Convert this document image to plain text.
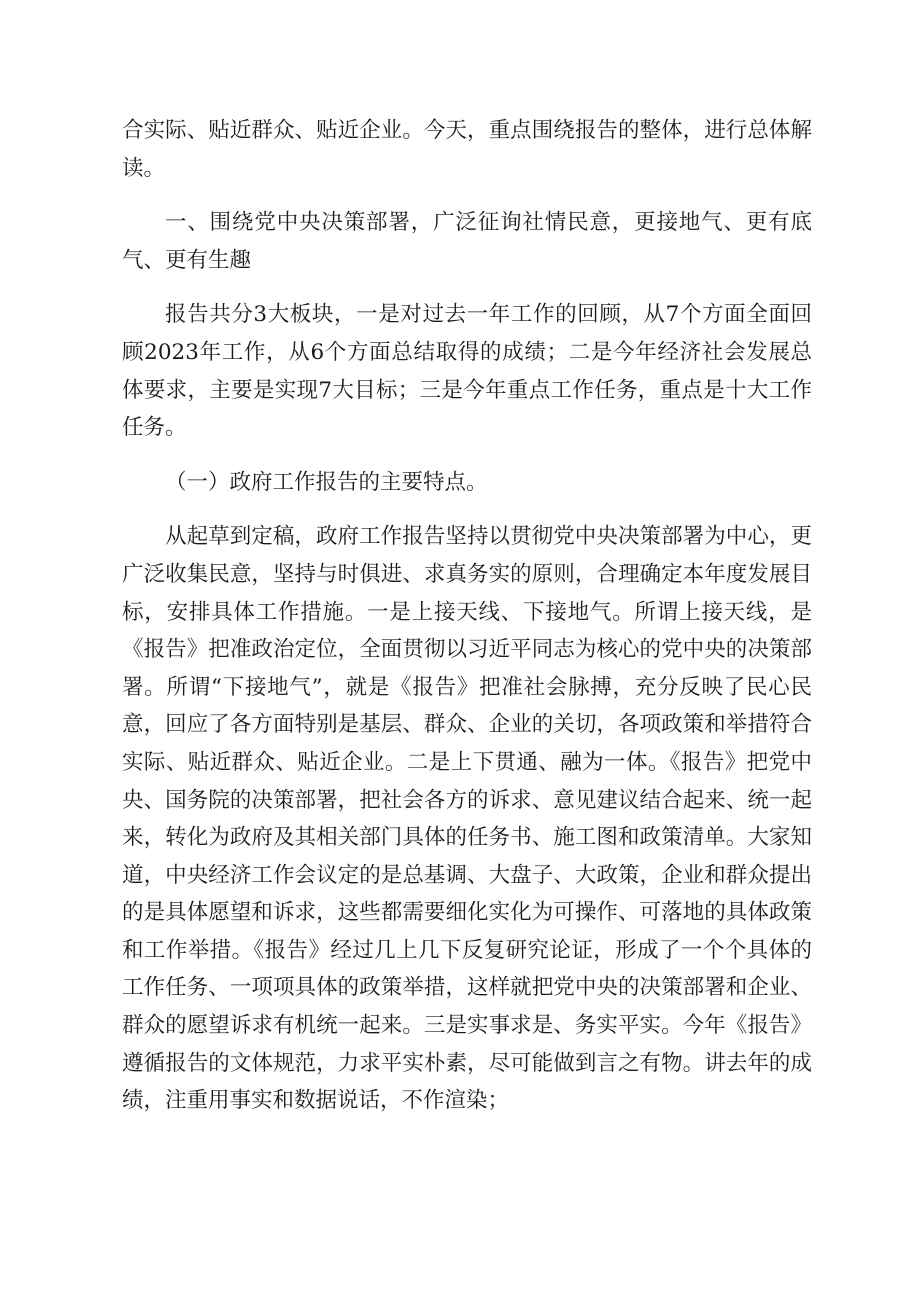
合实际、贴近群众、贴近企业。今天，重点围绕报告的整体，进行总体解读。

一、围绕党中央决策部署，广泛征询社情民意，更接地气、更有底气、更有生趣

报告共分3大板块，一是对过去一年工作的回顾，从7个方面全面回顾2023年工作，从6个方面总结取得的成绩；二是今年经济社会发展总体要求，主要是实现7大目标；三是今年重点工作任务，重点是十大工作任务。

（一）政府工作报告的主要特点。

从起草到定稿，政府工作报告坚持以贯彻党中央决策部署为中心，更广泛收集民意，坚持与时俱进、求真务实的原则，合理确定本年度发展目标，安排具体工作措施。一是上接天线、下接地气。所谓上接天线，是《报告》把准政治定位，全面贯彻以习近平同志为核心的党中央的决策部署。所谓“下接地气”，就是《报告》把准社会脉搏，充分反映了民心民意，回应了各方面特别是基层、群众、企业的关切，各项政策和举措符合实际、贴近群众、贴近企业。二是上下贯通、融为一体。《报告》把党中央、国务院的决策部署，把社会各方的诉求、意见建议结合起来、统一起来，转化为政府及其相关部门具体的任务书、施工图和政策清单。大家知道，中央经济工作会议定的是总基调、大盘子、大政策，企业和群众提出的是具体愿望和诉求，这些都需要细化实化为可操作、可落地的具体政策和工作举措。《报告》经过几上几下反复研究论证，形成了一个个具体的工作任务、一项项具体的政策举措，这样就把党中央的决策部署和企业、群众的愿望诉求有机统一起来。三是实事求是、务实平实。今年《报告》遵循报告的文体规范，力求平实朴素，尽可能做到言之有物。讲去年的成绩，注重用事实和数据说话，不作渲染；
